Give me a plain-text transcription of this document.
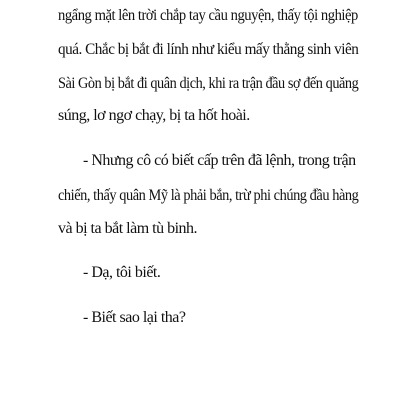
ngẩng mặt lên trời chắp tay cầu nguyện, thấy tội nghiệp
quá. Chắc bị bắt đi lính như kiểu mấy thằng sinh viên
Sài Gòn bị bắt đi quân dịch, khi ra trận đầu sợ đến quăng
súng, lơ ngơ chạy, bị ta hốt hoài.
- Nhưng cô có biết cấp trên đã lệnh, trong trận
chiến, thấy quân Mỹ là phải bắn, trừ phi chúng đầu hàng
và bị ta bắt làm tù binh.
- Dạ, tôi biết.
- Biết sao lại tha?
